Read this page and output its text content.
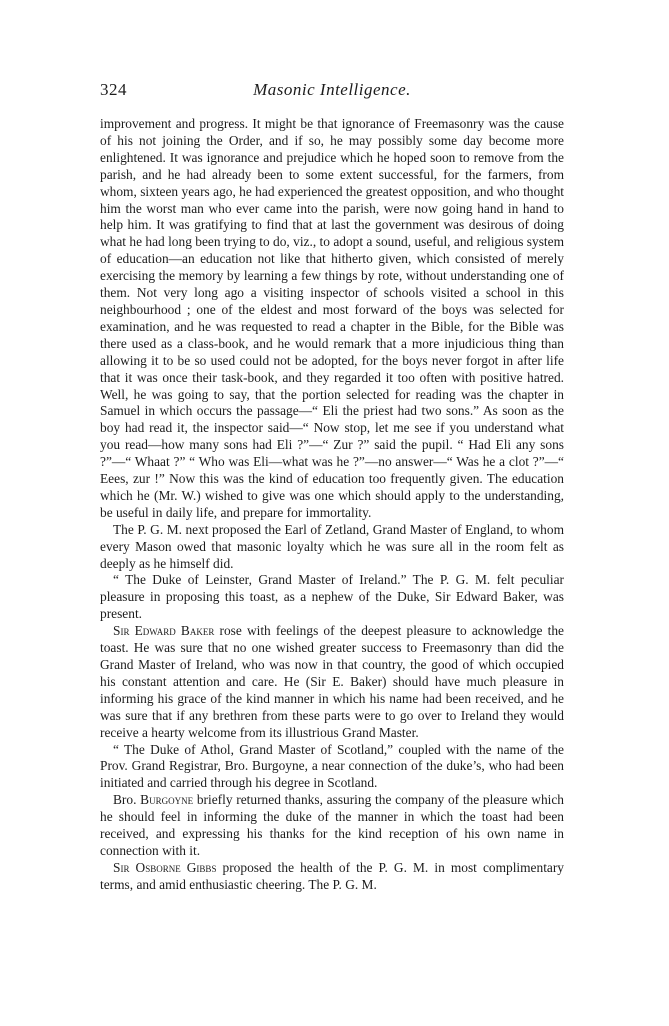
324	Masonic Intelligence.

improvement and progress. It might be that ignorance of Freemasonry was the cause of his not joining the Order, and if so, he may possibly some day become more enlightened. It was ignorance and prejudice which he hoped soon to remove from the parish, and he had already been to some extent successful, for the farmers, from whom, sixteen years ago, he had experienced the greatest opposition, and who thought him the worst man who ever came into the parish, were now going hand in hand to help him. It was gratifying to find that at last the government was desirous of doing what he had long been trying to do, viz., to adopt a sound, useful, and religious system of education—an education not like that hitherto given, which consisted of merely exercising the memory by learning a few things by rote, without understanding one of them. Not very long ago a visiting inspector of schools visited a school in this neighbourhood ; one of the eldest and most forward of the boys was selected for examination, and he was requested to read a chapter in the Bible, for the Bible was there used as a class-book, and he would remark that a more injudicious thing than allowing it to be so used could not be adopted, for the boys never forgot in after life that it was once their task-book, and they regarded it too often with positive hatred. Well, he was going to say, that the portion selected for reading was the chapter in Samuel in which occurs the passage—“ Eli the priest had two sons.” As soon as the boy had read it, the inspector said—“ Now stop, let me see if you understand what you read—how many sons had Eli ?”—“ Zur ?” said the pupil. “ Had Eli any sons ?”—“ Whaat ?” “ Who was Eli—what was he ?”—no answer—“ Was he a clot ?”—“ Eees, zur !” Now this was the kind of education too frequently given. The education which he (Mr. W.) wished to give was one which should apply to the understanding, be useful in daily life, and prepare for immortality.

The P. G. M. next proposed the Earl of Zetland, Grand Master of England, to whom every Mason owed that masonic loyalty which he was sure all in the room felt as deeply as he himself did.

“ The Duke of Leinster, Grand Master of Ireland.” The P. G. M. felt peculiar pleasure in proposing this toast, as a nephew of the Duke, Sir Edward Baker, was present.

Sir Edward Baker rose with feelings of the deepest pleasure to acknowledge the toast. He was sure that no one wished greater success to Freemasonry than did the Grand Master of Ireland, who was now in that country, the good of which occupied his constant attention and care. He (Sir E. Baker) should have much pleasure in informing his grace of the kind manner in which his name had been received, and he was sure that if any brethren from these parts were to go over to Ireland they would receive a hearty welcome from its illustrious Grand Master.

“ The Duke of Athol, Grand Master of Scotland,” coupled with the name of the Prov. Grand Registrar, Bro. Burgoyne, a near connection of the duke’s, who had been initiated and carried through his degree in Scotland.

Bro. Burgoyne briefly returned thanks, assuring the company of the pleasure which he should feel in informing the duke of the manner in which the toast had been received, and expressing his thanks for the kind reception of his own name in connection with it.

Sir Osborne Gibbs proposed the health of the P. G. M. in most complimentary terms, and amid enthusiastic cheering. The P. G. M.
